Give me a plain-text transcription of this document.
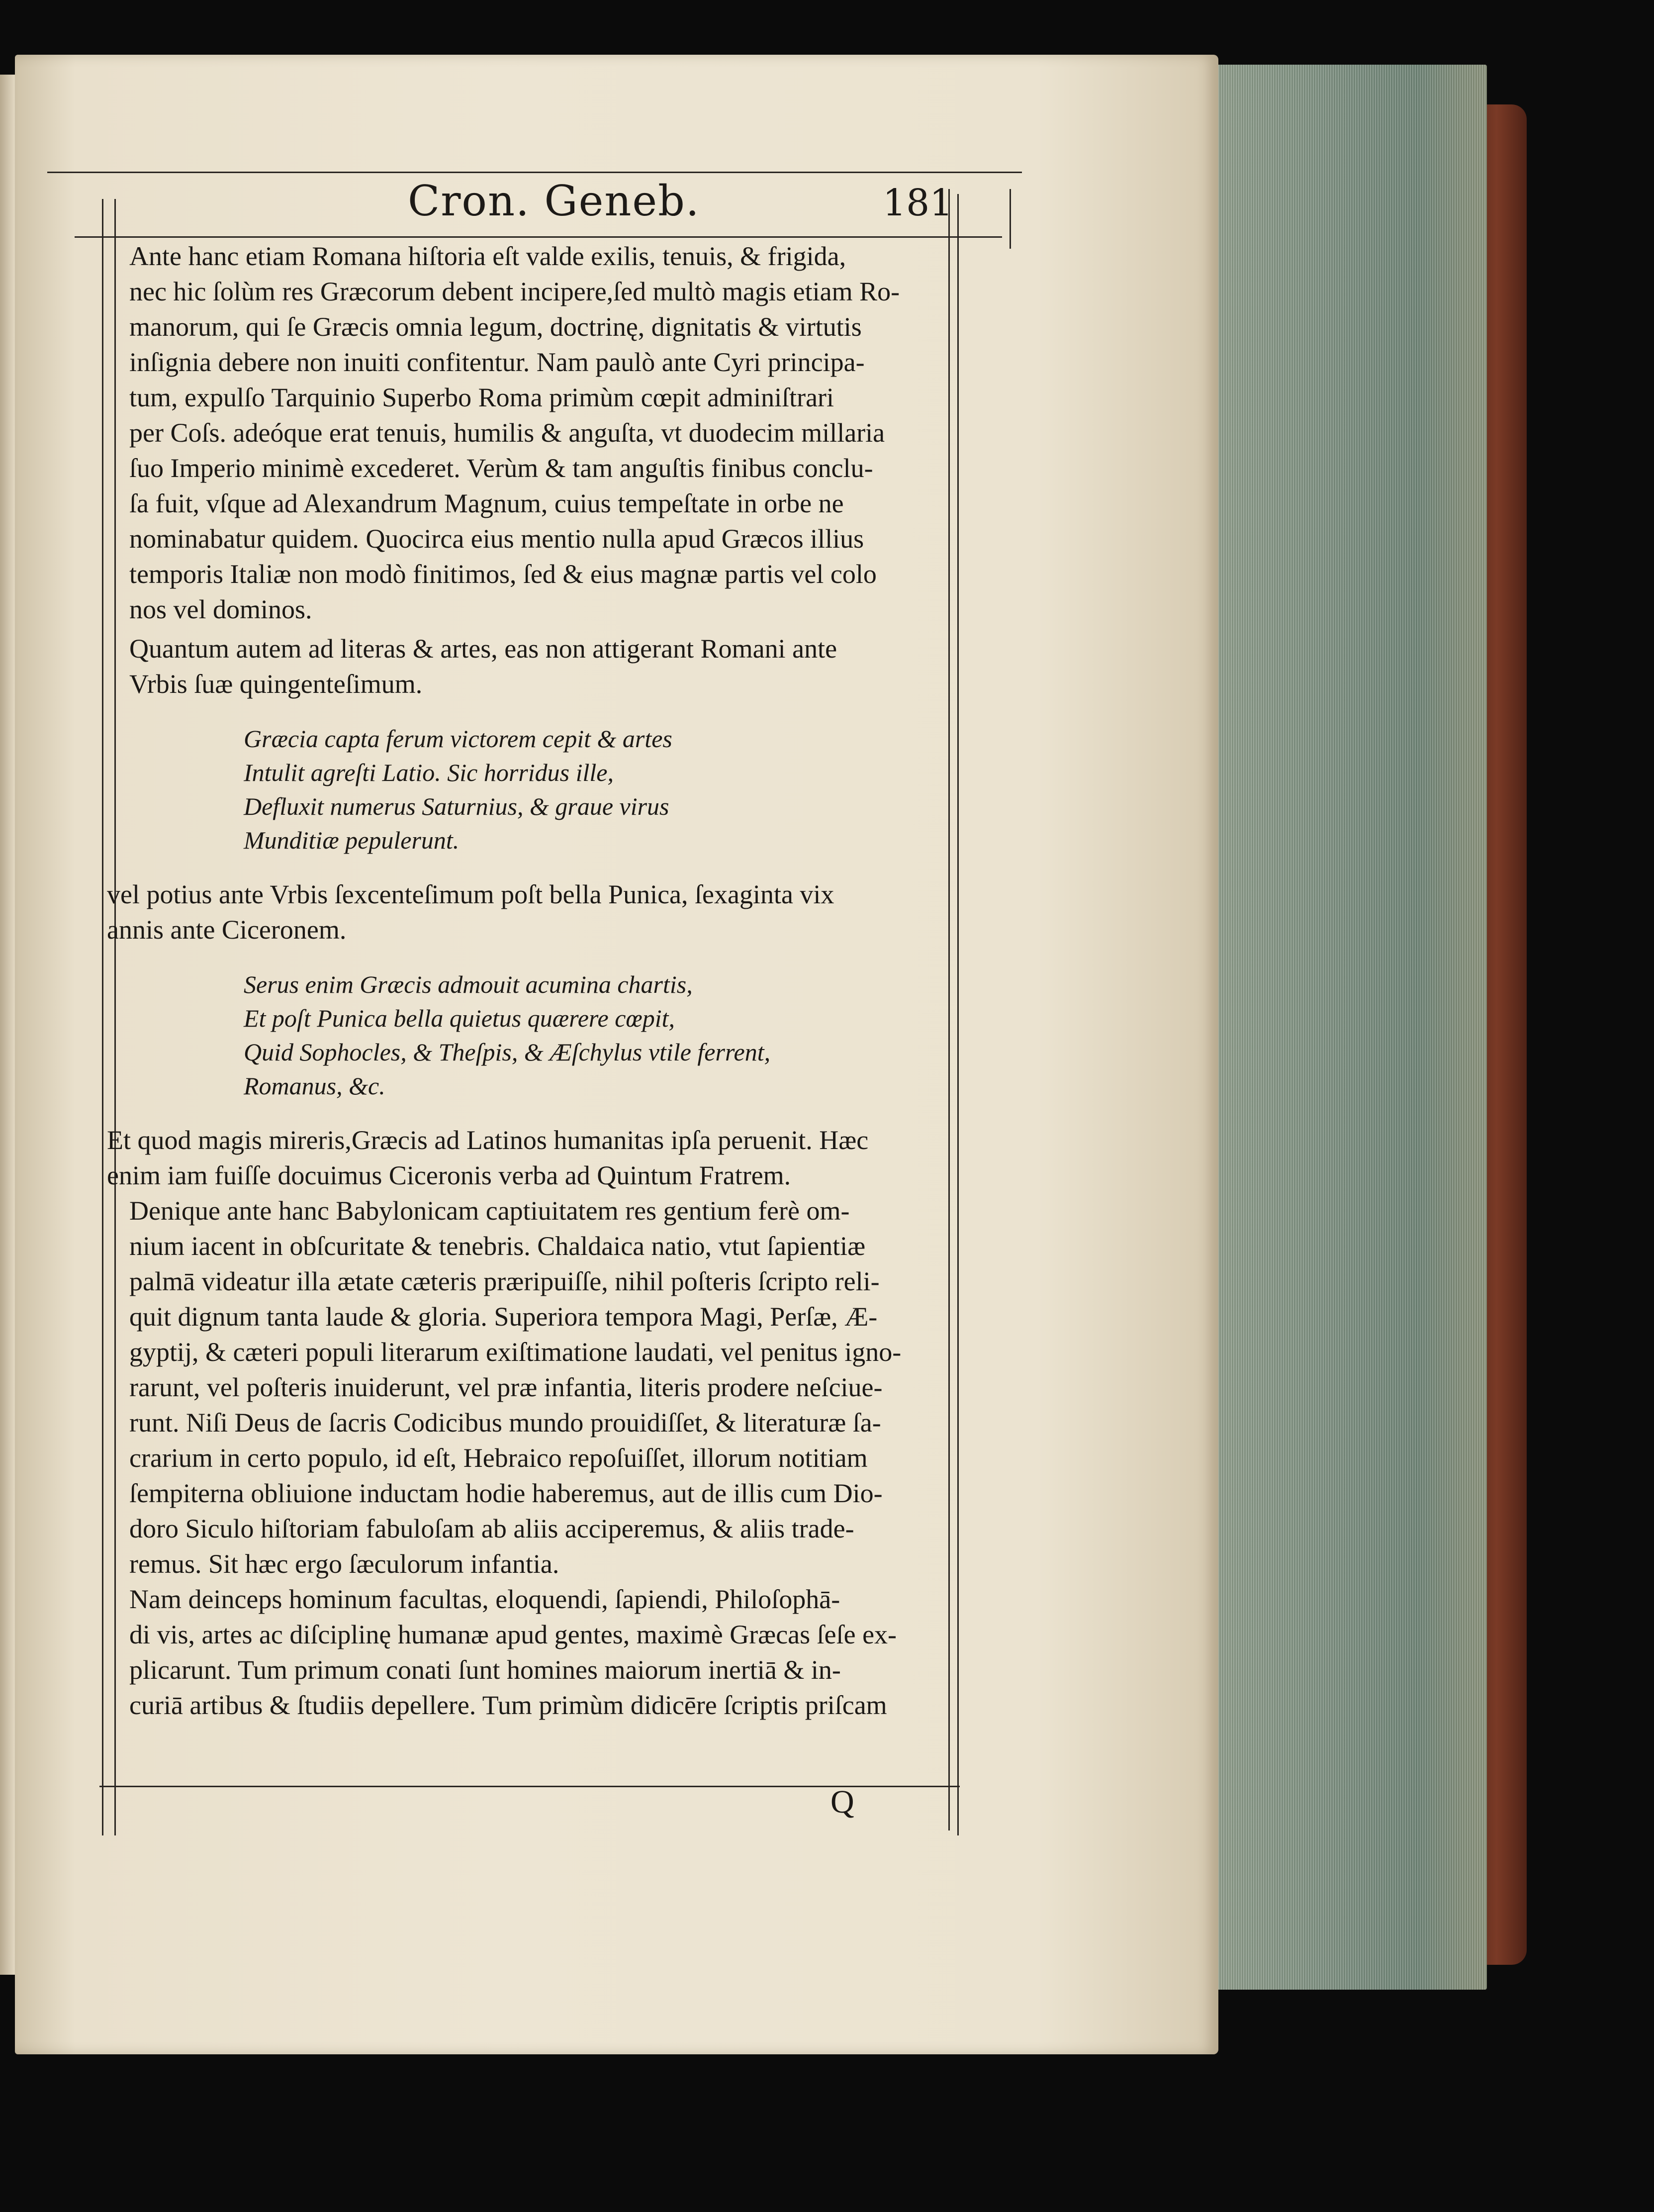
Cron. Geneb.	181

Ante hanc etiam Romana hiſtoria eſt valde exilis, tenuis, & frigida,
nec hic ſolùm res Græcorum debent incipere,ſed multò magis etiam Ro-
manorum, qui ſe Græcis omnia legum, doctrinę, dignitatis & virtutis
inſignia debere non inuiti confitentur. Nam paulò ante Cyri principa-
tum, expulſo Tarquinio Superbo Roma primùm cœpit adminiſtrari
per Coſs. adeóque erat tenuis, humilis & anguſta, vt duodecim millaria
ſuo Imperio minimè excederet. Verùm & tam anguſtis finibus conclu-
ſa fuit, vſque ad Alexandrum Magnum, cuius tempeſtate in orbe ne
nominabatur quidem. Quocirca eius mentio nulla apud Græcos illius
temporis Italiæ non modò finitimos, ſed & eius magnæ partis vel colo
nos vel dominos.

Quantum autem ad literas & artes, eas non attigerant Romani ante
Vrbis ſuæ quingenteſimum.

Græcia capta ferum victorem cepit & artes
Intulit agreſti Latio. Sic horridus ille,
Defluxit numerus Saturnius, & graue virus
Munditiæ pepulerunt.

vel potius ante Vrbis ſexcenteſimum poſt bella Punica, ſexaginta vix
annis ante Ciceronem.

Serus enim Græcis admouit acumina chartis,
Et poſt Punica bella quietus quærere cœpit,
Quid Sophocles, & Theſpis, & Æſchylus vtile ferrent,
Romanus, &c.

Et quod magis mireris,Græcis ad Latinos humanitas ipſa peruenit. Hæc
enim iam fuiſſe docuimus Ciceronis verba ad Quintum Fratrem.

Denique ante hanc Babylonicam captiuitatem res gentium ferè om-
nium iacent in obſcuritate & tenebris. Chaldaica natio, vtut ſapientiæ
palmā videatur illa ætate cæteris præripuiſſe, nihil poſteris ſcripto reli-
quit dignum tanta laude & gloria. Superiora tempora Magi, Perſæ, Æ-
gyptij, & cæteri populi literarum exiſtimatione laudati, vel penitus igno-
rarunt, vel poſteris inuiderunt, vel præ infantia, literis prodere neſciue-
runt. Niſi Deus de ſacris Codicibus mundo prouidiſſet, & literaturæ ſa-
crarium in certo populo, id eſt, Hebraico repoſuiſſet, illorum notitiam
ſempiterna obliuione inductam hodie haberemus, aut de illis cum Dio-
doro Siculo hiſtoriam fabuloſam ab aliis acciperemus, & aliis trade-
remus. Sit hæc ergo ſæculorum infantia.

Nam deinceps hominum facultas, eloquendi, ſapiendi, Philoſophā-
di vis, artes ac diſciplinę humanæ apud gentes, maximè Græcas ſeſe ex-
plicarunt. Tum primum conati ſunt homines maiorum inertiā & in-
curiā artibus & ſtudiis depellere. Tum primùm didicēre ſcriptis priſcam

Q
